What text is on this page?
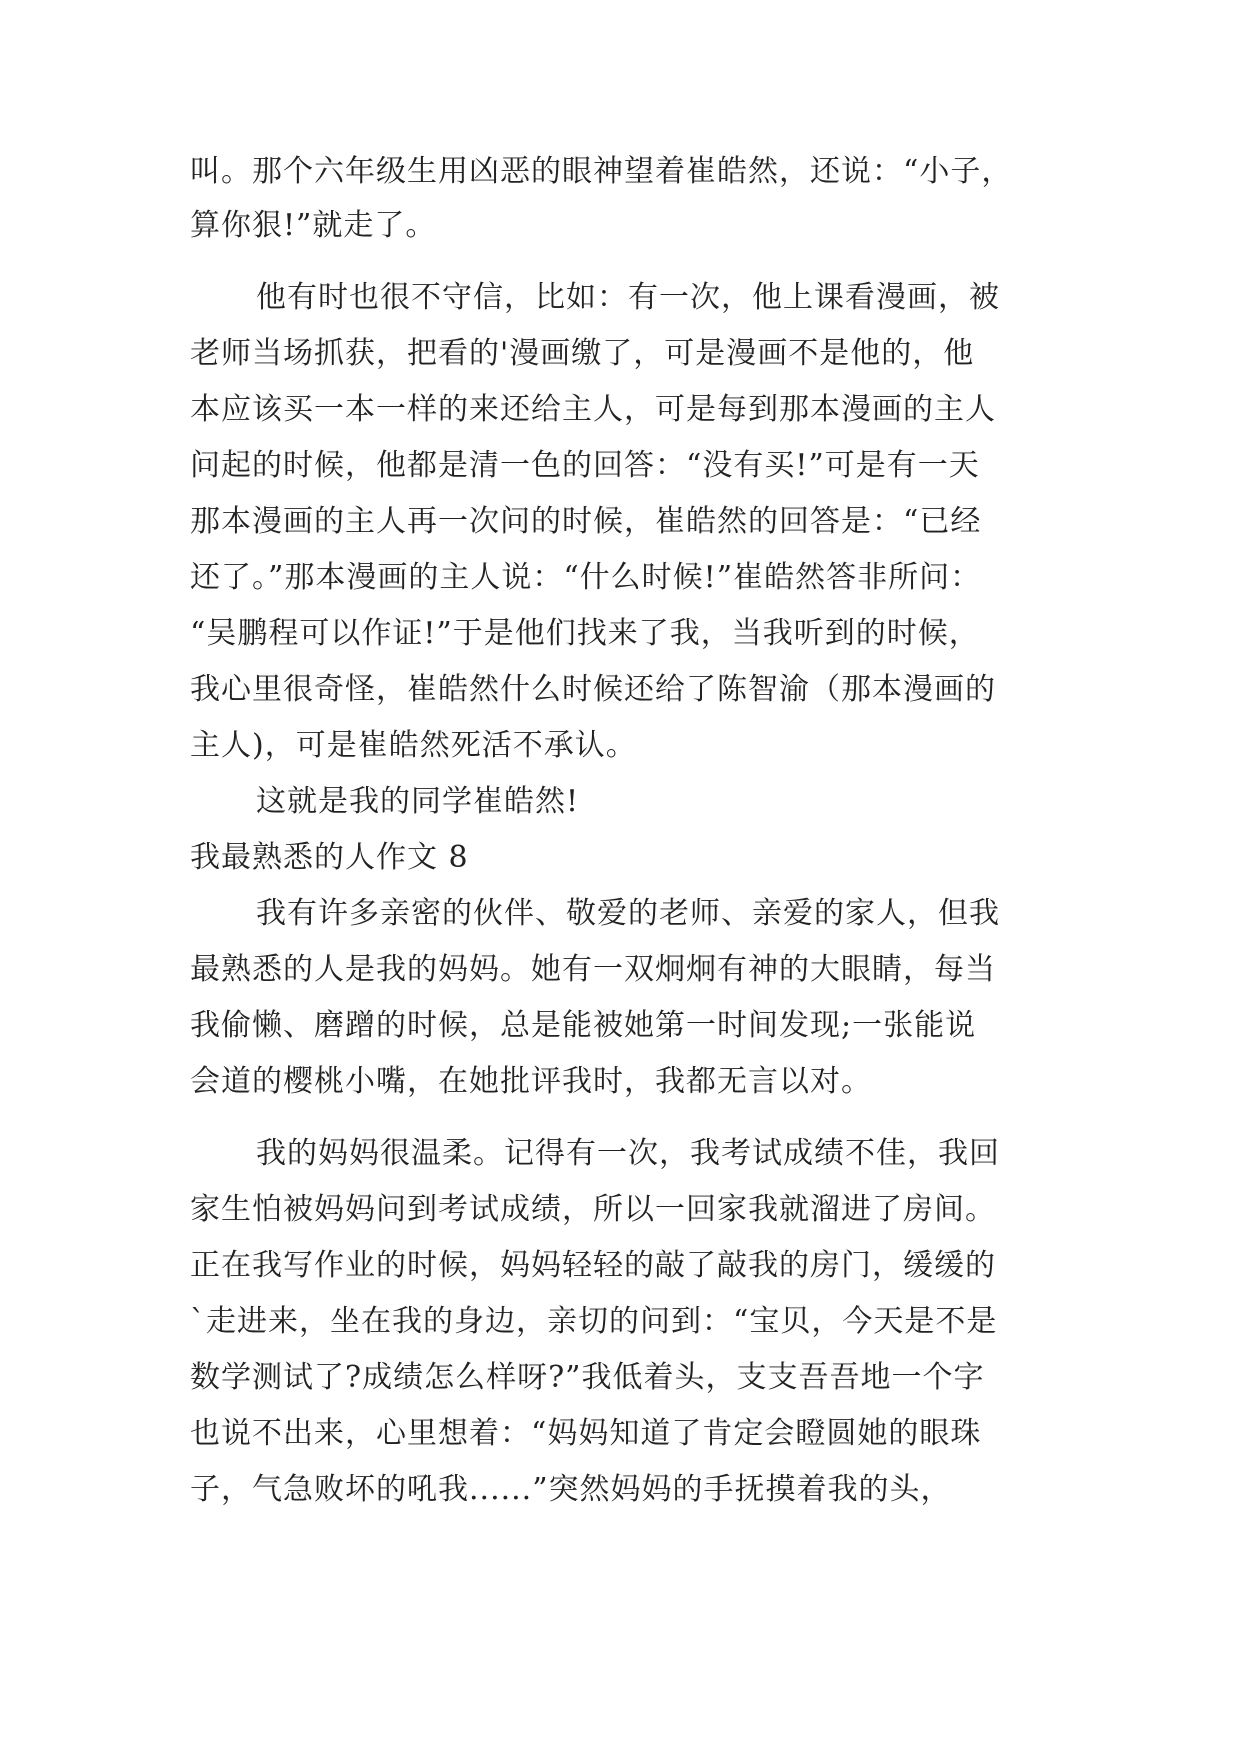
叫。那个六年级生用凶恶的眼神望着崔皓然，还说：“小子，
算你狠!”就走了。
他有时也很不守信，比如：有一次，他上课看漫画，被
老师当场抓获，把看的'漫画缴了，可是漫画不是他的，他
本应该买一本一样的来还给主人，可是每到那本漫画的主人
问起的时候，他都是清一色的回答：“没有买!”可是有一天
那本漫画的主人再一次问的时候，崔皓然的回答是：“已经
还了。”那本漫画的主人说：“什么时候!”崔皓然答非所问：
“吴鹏程可以作证!”于是他们找来了我，当我听到的时候，
我心里很奇怪，崔皓然什么时候还给了陈智渝（那本漫画的
主人)，可是崔皓然死活不承认。
这就是我的同学崔皓然!
我最熟悉的人作文 8
我有许多亲密的伙伴、敬爱的老师、亲爱的家人，但我
最熟悉的人是我的妈妈。她有一双炯炯有神的大眼睛，每当
我偷懒、磨蹭的时候，总是能被她第一时间发现;一张能说
会道的樱桃小嘴，在她批评我时，我都无言以对。
我的妈妈很温柔。记得有一次，我考试成绩不佳，我回
家生怕被妈妈问到考试成绩，所以一回家我就溜进了房间。
正在我写作业的时候，妈妈轻轻的敲了敲我的房门，缓缓的
`走进来，坐在我的身边，亲切的问到：“宝贝，今天是不是
数学测试了?成绩怎么样呀?”我低着头，支支吾吾地一个字
也说不出来，心里想着：“妈妈知道了肯定会瞪圆她的眼珠
子，气急败坏的吼我......”突然妈妈的手抚摸着我的头，
